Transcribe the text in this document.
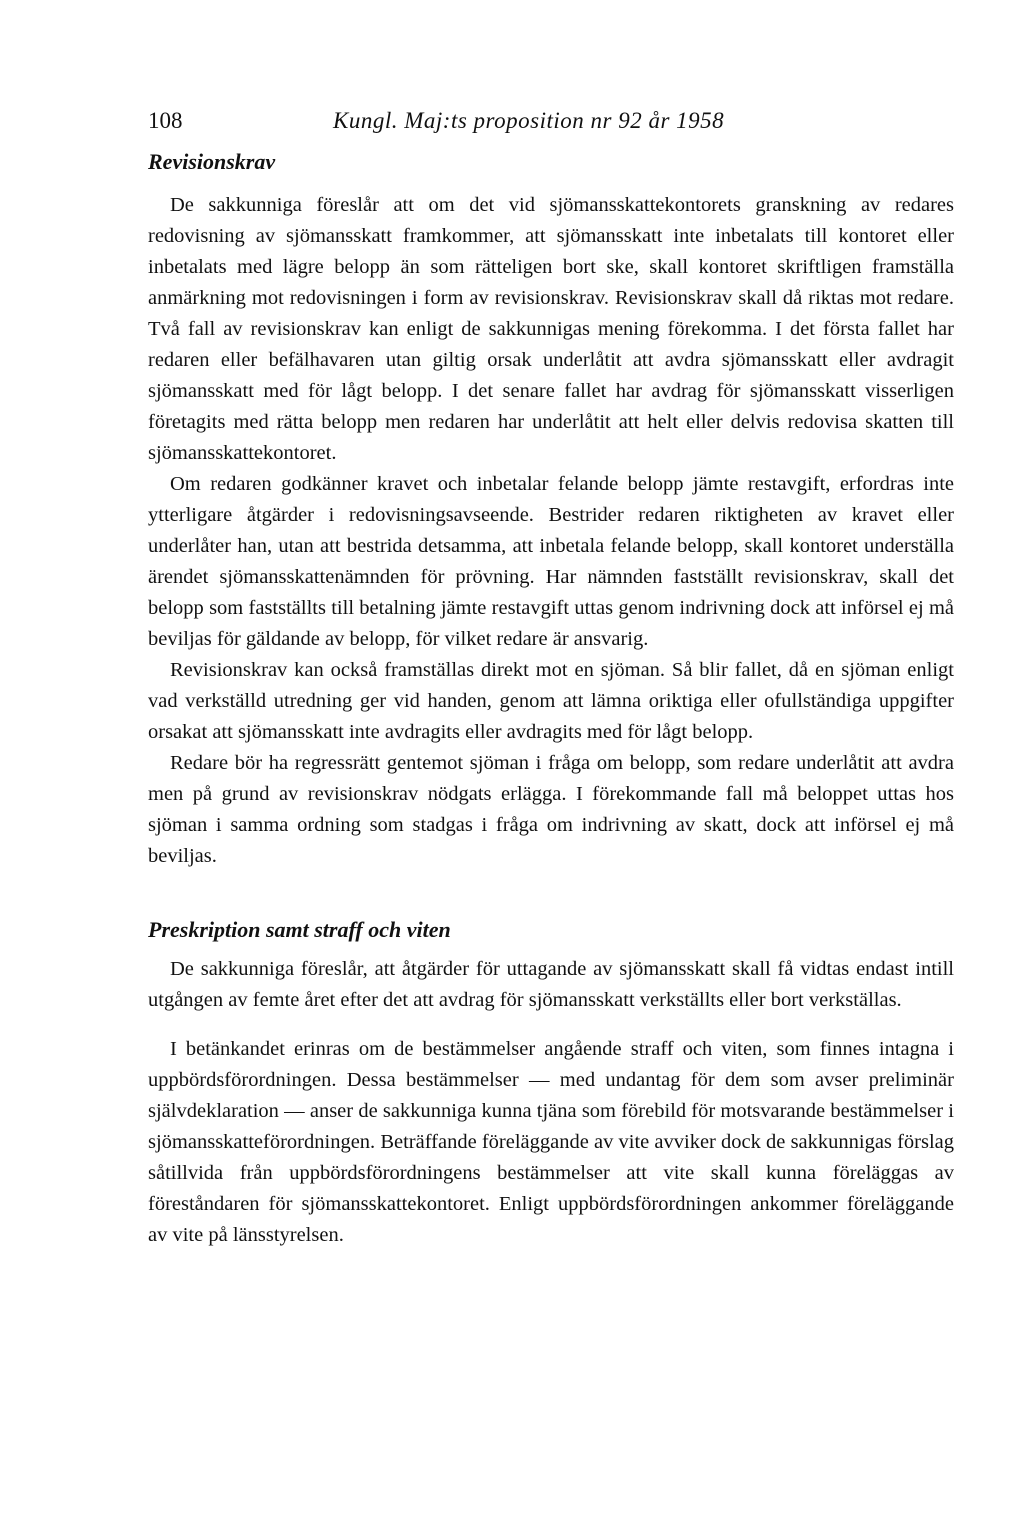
108	Kungl. Maj:ts proposition nr 92 år 1958
Revisionskrav

De sakkunniga föreslår att om det vid sjömansskattekontorets granskning av redares redovisning av sjömansskatt framkommer, att sjömansskatt inte inbetalats till kontoret eller inbetalats med lägre belopp än som rätteligen bort ske, skall kontoret skriftligen framställa anmärkning mot redovisningen i form av revisionskrav. Revisionskrav skall då riktas mot redare. Två fall av revisionskrav kan enligt de sakkunnigas mening förekomma. I det första fallet har redaren eller befälhavaren utan giltig orsak underlåtit att avdra sjömansskatt eller avdragit sjömansskatt med för lågt belopp. I det senare fallet har avdrag för sjömansskatt visserligen företagits med rätta belopp men redaren har underlåtit att helt eller delvis redovisa skatten till sjömansskattekontoret.

Om redaren godkänner kravet och inbetalar felande belopp jämte restavgift, erfordras inte ytterligare åtgärder i redovisningsavseende. Bestrider redaren riktigheten av kravet eller underlåter han, utan att bestrida detsamma, att inbetala felande belopp, skall kontoret underställa ärendet sjömansskattenämnden för prövning. Har nämnden fastställt revisionskrav, skall det belopp som fastställts till betalning jämte restavgift uttas genom indrivning dock att införsel ej må beviljas för gäldande av belopp, för vilket redare är ansvarig.

Revisionskrav kan också framställas direkt mot en sjöman. Så blir fallet, då en sjöman enligt vad verkställd utredning ger vid handen, genom att lämna oriktiga eller ofullständiga uppgifter orsakat att sjömansskatt inte avdragits eller avdragits med för lågt belopp.

Redare bör ha regressrätt gentemot sjöman i fråga om belopp, som redare underlåtit att avdra men på grund av revisionskrav nödgats erlägga. I förekommande fall må beloppet uttas hos sjöman i samma ordning som stadgas i fråga om indrivning av skatt, dock att införsel ej må beviljas.

Preskription samt straff och viten

De sakkunniga föreslår, att åtgärder för uttagande av sjömansskatt skall få vidtas endast intill utgången av femte året efter det att avdrag för sjömansskatt verkställts eller bort verkställas.

I betänkandet erinras om de bestämmelser angående straff och viten, som finnes intagna i uppbördsförordningen. Dessa bestämmelser — med undantag för dem som avser preliminär självdeklaration — anser de sakkunniga kunna tjäna som förebild för motsvarande bestämmelser i sjömansskatteförordningen. Beträffande föreläggande av vite avviker dock de sakkunnigas förslag såtillvida från uppbördsförordningens bestämmelser att vite skall kunna föreläggas av föreståndaren för sjömansskattekontoret. Enligt uppbördsförordningen ankommer föreläggande av vite på länsstyrelsen.
